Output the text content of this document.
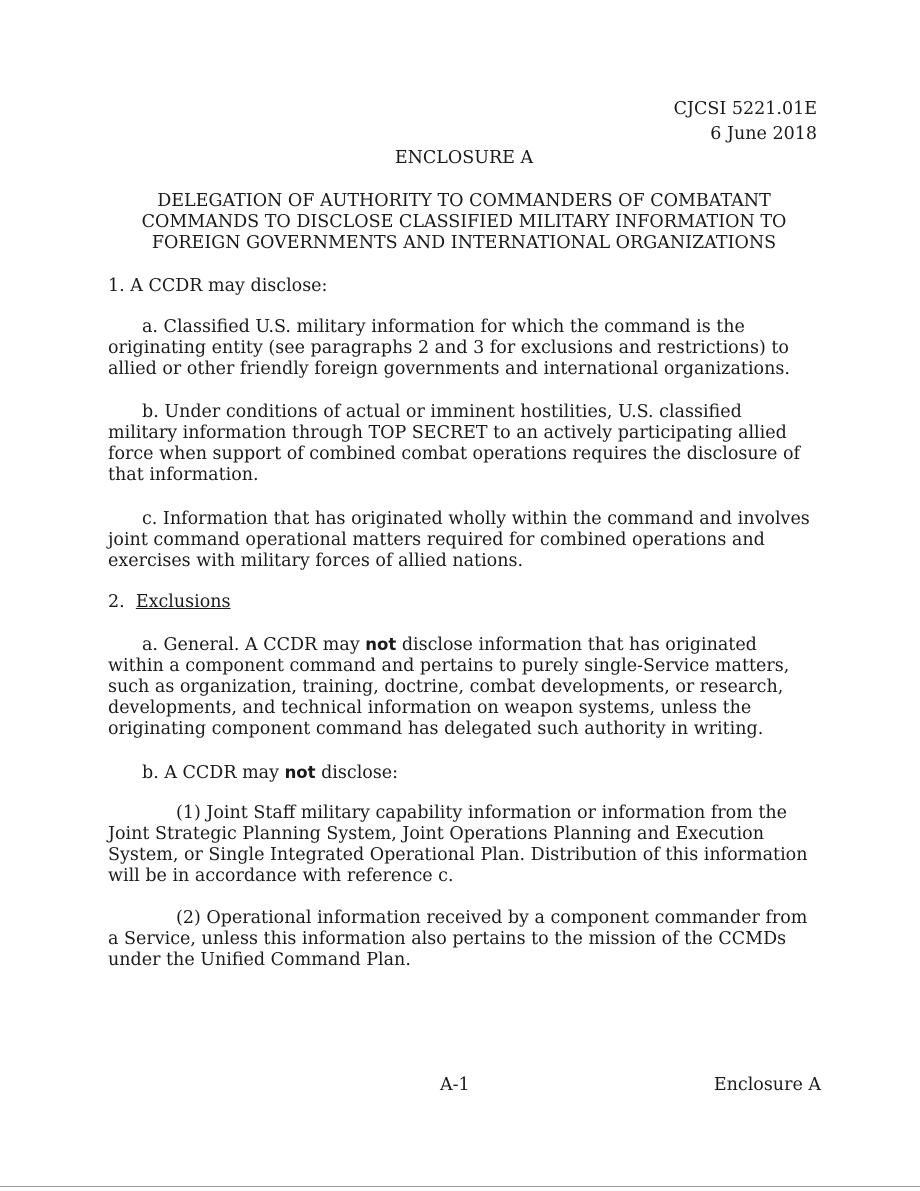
CJCSI 5221.01E
6 June 2018
ENCLOSURE A
DELEGATION OF AUTHORITY TO COMMANDERS OF COMBATANT
COMMANDS TO DISCLOSE CLASSIFIED MILITARY INFORMATION TO
FOREIGN GOVERNMENTS AND INTERNATIONAL ORGANIZATIONS
1. A CCDR may disclose:
a. Classified U.S. military information for which the command is the
originating entity (see paragraphs 2 and 3 for exclusions and restrictions) to
allied or other friendly foreign governments and international organizations.
b. Under conditions of actual or imminent hostilities, U.S. classified
military information through TOP SECRET to an actively participating allied
force when support of combined combat operations requires the disclosure of
that information.
c. Information that has originated wholly within the command and involves
joint command operational matters required for combined operations and
exercises with military forces of allied nations.
2. Exclusions
a. General. A CCDR may not disclose information that has originated
within a component command and pertains to purely single-Service matters,
such as organization, training, doctrine, combat developments, or research,
developments, and technical information on weapon systems, unless the
originating component command has delegated such authority in writing.
b. A CCDR may not disclose:
(1) Joint Staff military capability information or information from the
Joint Strategic Planning System, Joint Operations Planning and Execution
System, or Single Integrated Operational Plan. Distribution of this information
will be in accordance with reference c.
(2) Operational information received by a component commander from
a Service, unless this information also pertains to the mission of the CCMDs
under the Unified Command Plan.
A-1	Enclosure A
